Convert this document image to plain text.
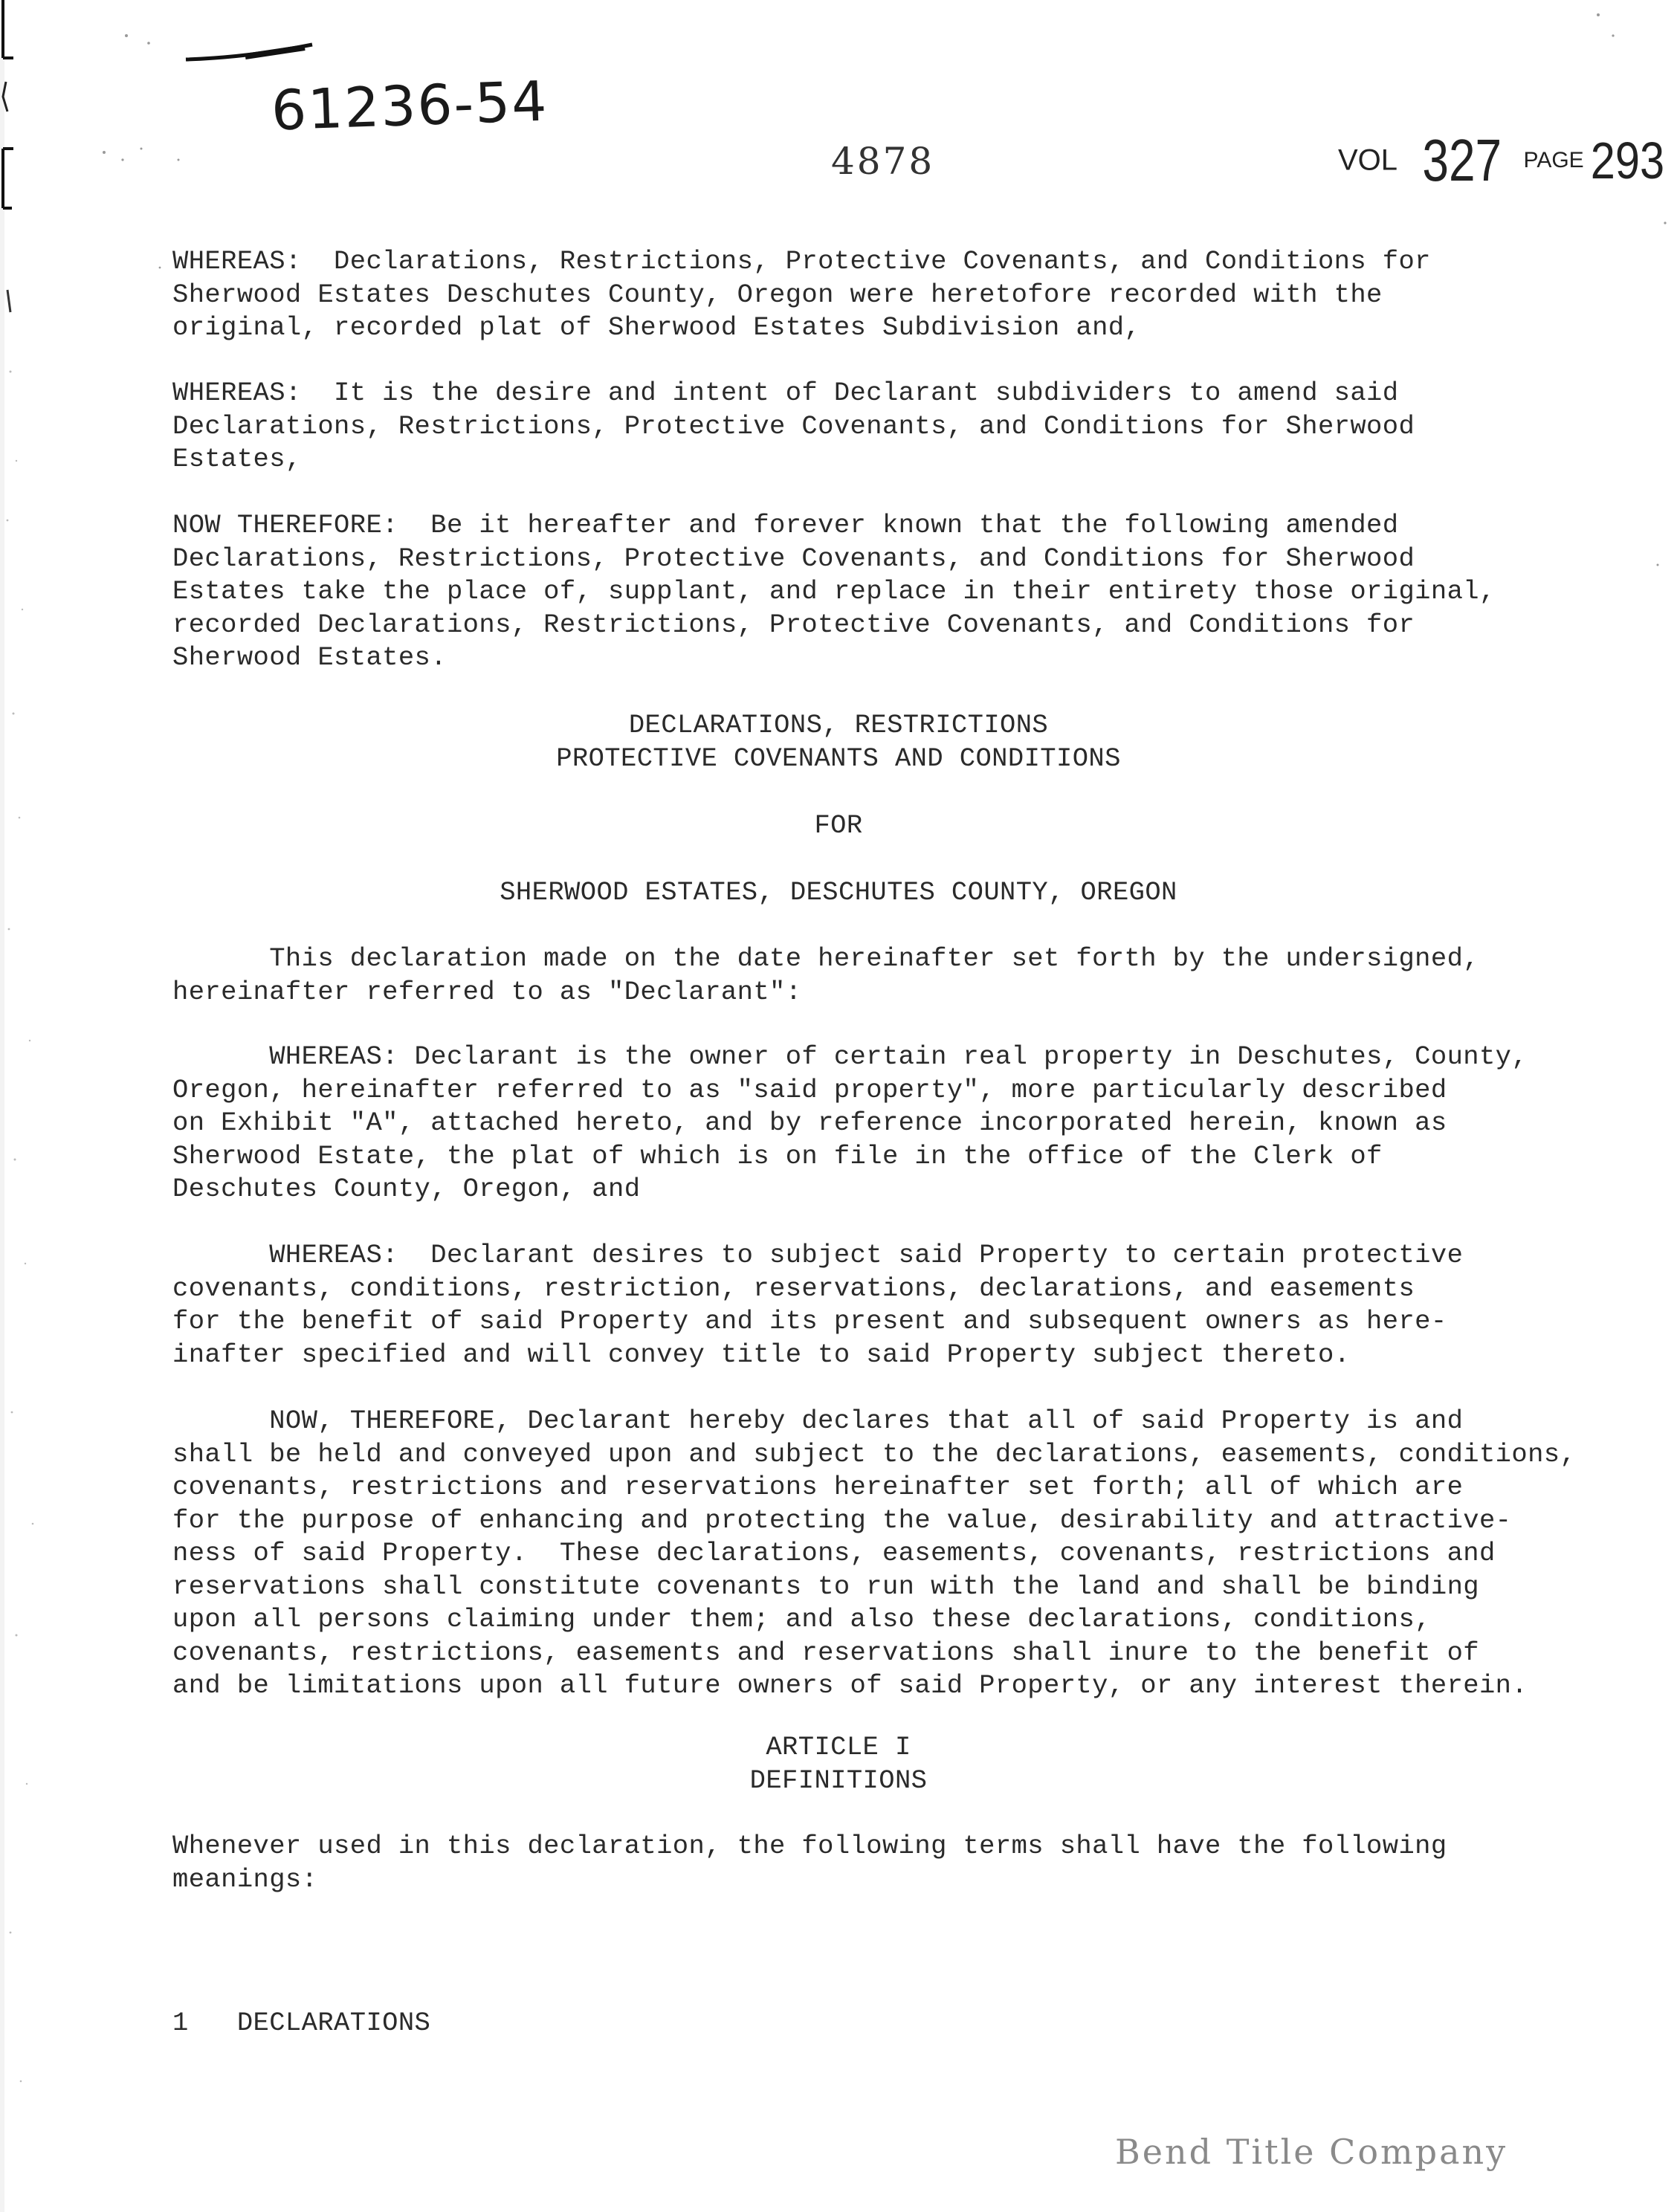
61236-54
4878	VOL 327 PAGE 293

WHEREAS:  Declarations, Restrictions, Protective Covenants, and Conditions for
Sherwood Estates Deschutes County, Oregon were heretofore recorded with the
original, recorded plat of Sherwood Estates Subdivision and,

WHEREAS:  It is the desire and intent of Declarant subdividers to amend said
Declarations, Restrictions, Protective Covenants, and Conditions for Sherwood
Estates,

NOW THEREFORE:  Be it hereafter and forever known that the following amended
Declarations, Restrictions, Protective Covenants, and Conditions for Sherwood
Estates take the place of, supplant, and replace in their entirety those original,
recorded Declarations, Restrictions, Protective Covenants, and Conditions for
Sherwood Estates.

DECLARATIONS, RESTRICTIONS

PROTECTIVE COVENANTS AND CONDITIONS

FOR

SHERWOOD ESTATES, DESCHUTES COUNTY, OREGON

This declaration made on the date hereinafter set forth by the undersigned,
hereinafter referred to as "Declarant":

WHEREAS: Declarant is the owner of certain real property in Deschutes, County,
Oregon, hereinafter referred to as "said property", more particularly described
on Exhibit "A", attached hereto, and by reference incorporated herein, known as
Sherwood Estate, the plat of which is on file in the office of the Clerk of
Deschutes County, Oregon, and

WHEREAS:  Declarant desires to subject said Property to certain protective
covenants, conditions, restriction, reservations, declarations, and easements
for the benefit of said Property and its present and subsequent owners as here-
inafter specified and will convey title to said Property subject thereto.

NOW, THEREFORE, Declarant hereby declares that all of said Property is and
shall be held and conveyed upon and subject to the declarations, easements, conditions,
covenants, restrictions and reservations hereinafter set forth; all of which are
for the purpose of enhancing and protecting the value, desirability and attractive-
ness of said Property.  These declarations, easements, covenants, restrictions and
reservations shall constitute covenants to run with the land and shall be binding
upon all persons claiming under them; and also these declarations, conditions,
covenants, restrictions, easements and reservations shall inure to the benefit of
and be limitations upon all future owners of said Property, or any interest therein.

ARTICLE I

DEFINITIONS

Whenever used in this declaration, the following terms shall have the following
meanings:

1   DECLARATIONS

Bend Title Company
